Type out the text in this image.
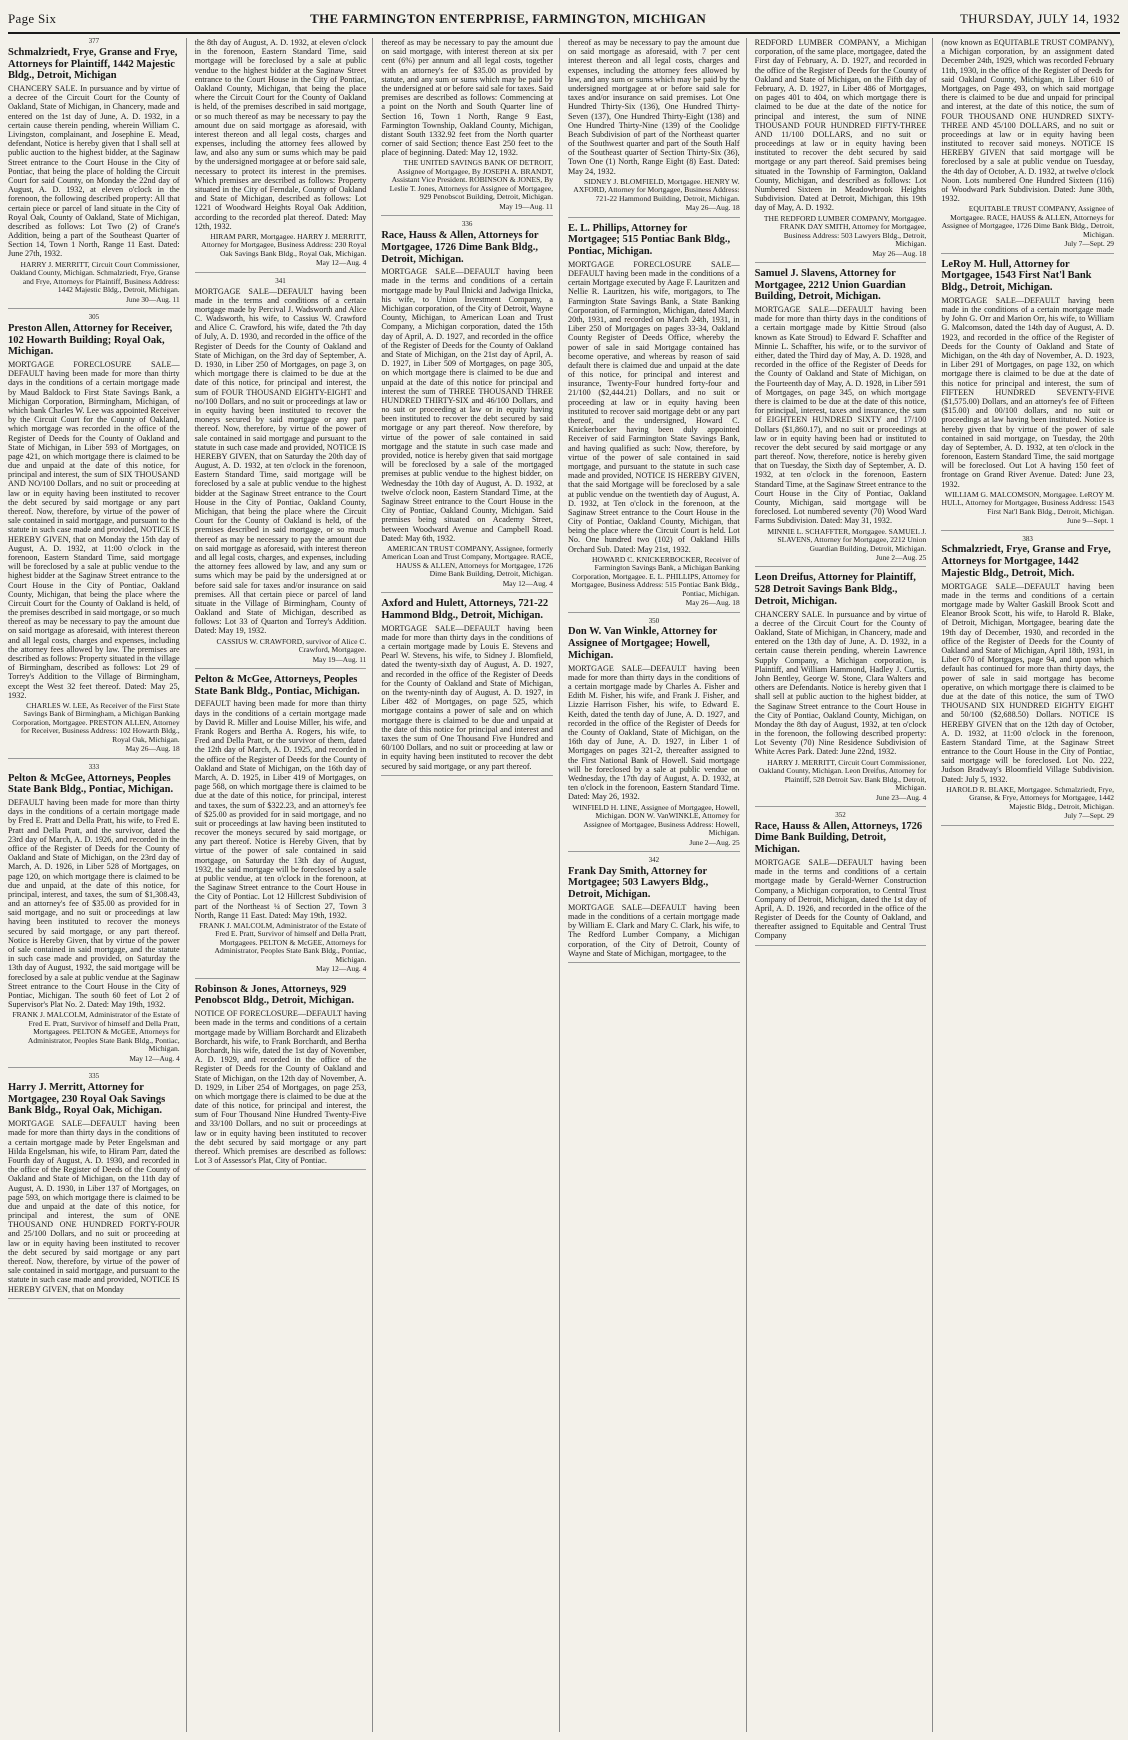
Page Six	THE FARMINGTON ENTERPRISE, FARMINGTON, MICHIGAN	THURSDAY, JULY 14, 1932
377
Schmalzriedt, Frye, Granse and Frye, Attorneys for Plaintiff, 1442 Majestic Bldg., Detroit, Michigan
CHANCERY SALE. In pursuance and by virtue of a decree of the Circuit Court for the County of Oakland, State of Michigan, in Chancery, made and entered on the 1st day of June, A. D. 1932, in a certain cause therein pending, wherein William C. Livingston, complainant, and Josephine E. Mead, defendant, Notice is hereby given that I shall sell at public auction to the highest bidder, at the Saginaw Street entrance to the Court House in the City of Pontiac, that being the place of holding the Circuit Court for said County, on Monday the 22nd day of August, A. D. 1932, at eleven o'clock in the forenoon, the following described property: All that certain piece or parcel of land situate in the City of Royal Oak, County of Oakland, State of Michigan, described as follows: Lot Two (2) of Crane's Addition, being a part of the Southeast Quarter of Section 14, Town 1 North, Range 11 East. Dated: June 27th, 1932.
HARRY J. MERRITT, Circuit Court Commissioner, Oakland County, Michigan. Schmalzriedt, Frye, Granse and Frye, Attorneys for Plaintiff, Business Address: 1442 Majestic Bldg., Detroit, Michigan.
June 30—Aug. 11
305
Preston Allen, Attorney for Receiver, 102 Howarth Building; Royal Oak, Michigan.
MORTGAGE FORECLOSURE SALE—DEFAULT having been made for more than thirty days in the conditions of a certain mortgage made by Maud Baldock to First State Savings Bank, a Michigan Corporation, Birmingham, Michigan, of which bank Charles W. Lee was appointed Receiver by the Circuit Court for the County of Oakland, which mortgage was recorded in the office of the Register of Deeds for the County of Oakland and State of Michigan, in Liber 593 of Mortgages, on page 421, on which mortgage there is claimed to be due and unpaid at the date of this notice, for principal and interest, the sum of SIX THOUSAND AND NO/100 Dollars, and no suit or proceeding at law or in equity having been instituted to recover the debt secured by said mortgage or any part thereof. Now, therefore, by virtue of the power of sale contained in said mortgage, and pursuant to the statute in such case made and provided, NOTICE IS HEREBY GIVEN, that on Monday the 15th day of August, A. D. 1932, at 11:00 o'clock in the forenoon, Eastern Standard Time, said mortgage will be foreclosed by a sale at public vendue to the highest bidder at the Saginaw Street entrance to the Court House in the City of Pontiac, Oakland County, Michigan, that being the place where the Circuit Court for the County of Oakland is held, of the premises described in said mortgage, or so much thereof as may be necessary to pay the amount due on said mortgage as aforesaid, with interest thereon and all legal costs, charges and expenses, including the attorney fees allowed by law. The premises are described as follows: Property situated in the village of Birmingham, described as follows: Lot 29 of Torrey's Addition to the Village of Birmingham, except the West 32 feet thereof. Dated: May 25, 1932.
CHARLES W. LEE, As Receiver of the First State Savings Bank of Birmingham, a Michigan Banking Corporation, Mortgagee. PRESTON ALLEN, Attorney for Receiver, Business Address: 102 Howarth Bldg., Royal Oak, Michigan.
May 26—Aug. 18
333
Pelton & McGee, Attorneys, Peoples State Bank Bldg., Pontiac, Michigan.
DEFAULT having been made for more than thirty days in the conditions of a certain mortgage made by Fred E. Pratt and Della Pratt, his wife, to Fred E. Pratt and Della Pratt, and the survivor, dated the 23rd day of March, A. D. 1926, and recorded in the office of the Register of Deeds for the County of Oakland and State of Michigan, on the 23rd day of March, A. D. 1926, in Liber 528 of Mortgages, on page 120, on which mortgage there is claimed to be due and unpaid, at the date of this notice, for principal, interest, and taxes, the sum of $1,308.43, and an attorney's fee of $35.00 as provided for in said mortgage, and no suit or proceedings at law having been instituted to recover the moneys secured by said mortgage, or any part thereof. Notice is Hereby Given, that by virtue of the power of sale contained in said mortgage, and the statute in such case made and provided, on Saturday the 13th day of August, 1932, the said mortgage will be foreclosed by a sale at public vendue at the Saginaw Street entrance to the Court House in the City of Pontiac, Michigan. The south 60 feet of Lot 2 of Supervisor's Plat No. 2. Dated: May 19th, 1932.
FRANK J. MALCOLM, Administrator of the Estate of Fred E. Pratt, Survivor of himself and Della Pratt, Mortgagees. PELTON & McGEE, Attorneys for Administrator, Peoples State Bank Bldg., Pontiac, Michigan.
May 12—Aug. 4
335
Harry J. Merritt, Attorney for Mortgagee, 230 Royal Oak Savings Bank Bldg., Royal Oak, Michigan.
MORTGAGE SALE—DEFAULT having been made for more than thirty days in the conditions of a certain mortgage made by Peter Engelsman and Hilda Engelsman, his wife, to Hiram Parr, dated the Fourth day of August, A. D. 1930, and recorded in the office of the Register of Deeds of the County of Oakland and State of Michigan, on the 11th day of August, A. D. 1930, in Liber 137 of Mortgages, on page 593, on which mortgage there is claimed to be due and unpaid at the date of this notice, for principal and interest, the sum of ONE THOUSAND ONE HUNDRED FORTY-FOUR and 25/100 Dollars, and no suit or proceeding at law or in equity having been instituted to recover the debt secured by said mortgage or any part thereof. Now, therefore, by virtue of the power of sale contained in said mortgage, and pursuant to the statute in such case made and provided, NOTICE IS HEREBY GIVEN, that on Monday
the 8th day of August, A. D. 1932, at eleven o'clock in the forenoon, Eastern Standard Time, said mortgage will be foreclosed by a sale at public vendue to the highest bidder at the Saginaw Street entrance to the Court House in the City of Pontiac, Oakland County, Michigan, that being the place where the Circuit Court for the County of Oakland is held, of the premises described in said mortgage, or so much thereof as may be necessary to pay the amount due on said mortgage as aforesaid, with interest thereon and all legal costs, charges and expenses, including the attorney fees allowed by law, and also any sum or sums which may be paid by the undersigned mortgagee at or before said sale, necessary to protect its interest in the premises. Which premises are described as follows: Property situated in the City of Ferndale, County of Oakland and State of Michigan, described as follows: Lot 1221 of Woodward Heights Royal Oak Addition, according to the recorded plat thereof. Dated: May 12th, 1932.
HIRAM PARR, Mortgagee. HARRY J. MERRITT, Attorney for Mortgagee, Business Address: 230 Royal Oak Savings Bank Bldg., Royal Oak, Michigan.
May 12—Aug. 4
341
MORTGAGE SALE—DEFAULT having been made in the terms and conditions of a certain mortgage made by Percival J. Wadsworth and Alice C. Wadsworth, his wife, to Cassius W. Crawford and Alice C. Crawford, his wife, dated the 7th day of July, A. D. 1930, and recorded in the office of the Register of Deeds for the County of Oakland and State of Michigan, on the 3rd day of September, A. D. 1930, in Liber 250 of Mortgages, on page 3, on which mortgage there is claimed to be due at the date of this notice, for principal and interest, the sum of FOUR THOUSAND EIGHTY-EIGHT and no/100 Dollars, and no suit or proceedings at law or in equity having been instituted to recover the moneys secured by said mortgage or any part thereof. Now, therefore, by virtue of the power of sale contained in said mortgage and pursuant to the statute in such case made and provided, NOTICE IS HEREBY GIVEN, that on Saturday the 20th day of August, A. D. 1932, at ten o'clock in the forenoon, Eastern Standard Time, said mortgage will be foreclosed by a sale at public vendue to the highest bidder at the Saginaw Street entrance to the Court House in the City of Pontiac, Oakland County, Michigan, that being the place where the Circuit Court for the County of Oakland is held, of the premises described in said mortgage, or so much thereof as may be necessary to pay the amount due on said mortgage as aforesaid, with interest thereon and all legal costs, charges, and expenses, including the attorney fees allowed by law, and any sum or sums which may be paid by the undersigned at or before said sale for taxes and/or insurance on said premises. All that certain piece or parcel of land situate in the Village of Birmingham, County of Oakland and State of Michigan, described as follows: Lot 33 of Quarton and Torrey's Addition. Dated: May 19, 1932.
CASSIUS W. CRAWFORD, survivor of Alice C. Crawford, Mortgagee.
May 19—Aug. 11
Pelton & McGee, Attorneys, Peoples State Bank Bldg., Pontiac, Michigan.
DEFAULT having been made for more than thirty days in the conditions of a certain mortgage made by David R. Miller and Louise Miller, his wife, and Frank Rogers and Bertha A. Rogers, his wife, to Fred and Della Pratt, or the survivor of them, dated the 12th day of March, A. D. 1925, and recorded in the office of the Register of Deeds for the County of Oakland and State of Michigan, on the 16th day of March, A. D. 1925, in Liber 419 of Mortgages, on page 568, on which mortgage there is claimed to be due at the date of this notice, for principal, interest and taxes, the sum of $322.23, and an attorney's fee of $25.00 as provided for in said mortgage, and no suit or proceedings at law having been instituted to recover the moneys secured by said mortgage, or any part thereof. Notice is Hereby Given, that by virtue of the power of sale contained in said mortgage, on Saturday the 13th day of August, 1932, the said mortgage will be foreclosed by a sale at public vendue, at ten o'clock in the forenoon, at the Saginaw Street entrance to the Court House in the City of Pontiac. Lot 12 Hillcrest Subdivision of part of the Northeast ¼ of Section 27, Town 3 North, Range 11 East. Dated: May 19th, 1932.
FRANK J. MALCOLM, Administrator of the Estate of Fred E. Pratt, Survivor of himself and Della Pratt, Mortgagees. PELTON & McGEE, Attorneys for Administrator, Peoples State Bank Bldg., Pontiac, Michigan.
May 12—Aug. 4
Robinson & Jones, Attorneys, 929 Penobscot Bldg., Detroit, Michigan.
NOTICE OF FORECLOSURE—DEFAULT having been made in the terms and conditions of a certain mortgage made by William Borchardt and Elizabeth Borchardt, his wife, to Frank Borchardt, and Bertha Borchardt, his wife, dated the 1st day of November, A. D. 1929, and recorded in the office of the Register of Deeds for the County of Oakland and State of Michigan, on the 12th day of November, A. D. 1929, in Liber 254 of Mortgages, on page 253, on which mortgage there is claimed to be due at the date of this notice, for principal and interest, the sum of Four Thousand Nine Hundred Twenty-Five and 33/100 Dollars, and no suit or proceedings at law or in equity having been instituted to recover the debt secured by said mortgage or any part thereof. Which premises are described as follows: Lot 3 of Assessor's Plat, City of Pontiac.
thereof as may be necessary to pay the amount due on said mortgage, with interest thereon at six per cent (6%) per annum and all legal costs, together with an attorney's fee of $35.00 as provided by statute, and any sum or sums which may be paid by the undersigned at or before said sale for taxes. Said premises are described as follows: Commencing at a point on the North and South Quarter line of Section 16, Town 1 North, Range 9 East, Farmington Township, Oakland County, Michigan, distant South 1332.92 feet from the North quarter corner of said Section; thence East 250 feet to the place of beginning. Dated: May 12, 1932.
THE UNITED SAVINGS BANK OF DETROIT, Assignee of Mortgagee, By JOSEPH A. BRANDT, Assistant Vice President. ROBINSON & JONES, By Leslie T. Jones, Attorneys for Assignee of Mortgagee, 929 Penobscot Building, Detroit, Michigan.
May 19—Aug. 11
336
Race, Hauss & Allen, Attorneys for Mortgagee, 1726 Dime Bank Bldg., Detroit, Michigan.
MORTGAGE SALE—DEFAULT having been made in the terms and conditions of a certain mortgage made by Paul Ilnicki and Jadwiga Ilnicka, his wife, to Union Investment Company, a Michigan corporation, of the City of Detroit, Wayne County, Michigan, to American Loan and Trust Company, a Michigan corporation, dated the 15th day of April, A. D. 1927, and recorded in the office of the Register of Deeds for the County of Oakland and State of Michigan, on the 21st day of April, A. D. 1927, in Liber 509 of Mortgages, on page 305, on which mortgage there is claimed to be due and unpaid at the date of this notice for principal and interest the sum of THREE THOUSAND THREE HUNDRED THIRTY-SIX and 46/100 Dollars, and no suit or proceeding at law or in equity having been instituted to recover the debt secured by said mortgage or any part thereof. Now therefore, by virtue of the power of sale contained in said mortgage and the statute in such case made and provided, notice is hereby given that said mortgage will be foreclosed by a sale of the mortgaged premises at public vendue to the highest bidder, on Wednesday the 10th day of August, A. D. 1932, at twelve o'clock noon, Eastern Standard Time, at the Saginaw Street entrance to the Court House in the City of Pontiac, Oakland County, Michigan. Said premises being situated on Academy Street, between Woodward Avenue and Campbell Road. Dated: May 6th, 1932.
AMERICAN TRUST COMPANY, Assignee, formerly American Loan and Trust Company, Mortgagee. RACE, HAUSS & ALLEN, Attorneys for Mortgagee, 1726 Dime Bank Building, Detroit, Michigan.
May 12—Aug. 4
Axford and Hulett, Attorneys, 721-22 Hammond Bldg., Detroit, Michigan.
MORTGAGE SALE—DEFAULT having been made for more than thirty days in the conditions of a certain mortgage made by Louis E. Stevens and Pearl W. Stevens, his wife, to Sidney J. Blomfield, dated the twenty-sixth day of August, A. D. 1927, and recorded in the office of the Register of Deeds for the County of Oakland and State of Michigan, on the twenty-ninth day of August, A. D. 1927, in Liber 482 of Mortgages, on page 525, which mortgage contains a power of sale and on which mortgage there is claimed to be due and unpaid at the date of this notice for principal and interest and taxes the sum of One Thousand Five Hundred and 60/100 Dollars, and no suit or proceeding at law or in equity having been instituted to recover the debt secured by said mortgage, or any part thereof.
thereof as may be necessary to pay the amount due on said mortgage as aforesaid, with 7 per cent interest thereon and all legal costs, charges and expenses, including the attorney fees allowed by law, and any sum or sums which may be paid by the undersigned mortgagee at or before said sale for taxes and/or insurance on said premises. Lot One Hundred Thirty-Six (136), One Hundred Thirty-Seven (137), One Hundred Thirty-Eight (138) and One Hundred Thirty-Nine (139) of the Coolidge Beach Subdivision of part of the Northeast quarter of the Southwest quarter and part of the South Half of the Southeast quarter of Section Thirty-Six (36), Town One (1) North, Range Eight (8) East. Dated: May 24, 1932.
SIDNEY J. BLOMFIELD, Mortgagee. HENRY W. AXFORD, Attorney for Mortgagee, Business Address: 721-22 Hammond Building, Detroit, Michigan.
May 26—Aug. 18
E. L. Phillips, Attorney for Mortgagee; 515 Pontiac Bank Bldg., Pontiac, Michigan.
MORTGAGE FORECLOSURE SALE—DEFAULT having been made in the conditions of a certain Mortgage executed by Aage F. Lauritzen and Nellie R. Lauritzen, his wife, mortgagors, to The Farmington State Savings Bank, a State Banking Corporation, of Farmington, Michigan, dated March 20th, 1931, and recorded on March 24th, 1931, in Liber 250 of Mortgages on pages 33-34, Oakland County Register of Deeds Office, whereby the power of sale in said Mortgage contained has become operative, and whereas by reason of said default there is claimed due and unpaid at the date of this notice, for principal and interest and insurance, Twenty-Four hundred forty-four and 21/100 ($2,444.21) Dollars, and no suit or proceeding at law or in equity having been instituted to recover said mortgage debt or any part thereof, and the undersigned, Howard C. Knickerbocker having been duly appointed Receiver of said Farmington State Savings Bank, and having qualified as such: Now, therefore, by virtue of the power of sale contained in said mortgage, and pursuant to the statute in such case made and provided, NOTICE IS HEREBY GIVEN, that the said Mortgage will be foreclosed by a sale at public vendue on the twentieth day of August, A. D. 1932, at Ten o'clock in the forenoon, at the Saginaw Street entrance to the Court House in the City of Pontiac, Oakland County, Michigan, that being the place where the Circuit Court is held. Lot No. One hundred two (102) of Oakland Hills Orchard Sub. Dated: May 21st, 1932.
HOWARD C. KNICKERBOCKER, Receiver of Farmington Savings Bank, a Michigan Banking Corporation, Mortgagee. E. L. PHILLIPS, Attorney for Mortgagee, Business Address: 515 Pontiac Bank Bldg., Pontiac, Michigan.
May 26—Aug. 18
350
Don W. Van Winkle, Attorney for Assignee of Mortgagee; Howell, Michigan.
MORTGAGE SALE—DEFAULT having been made for more than thirty days in the conditions of a certain mortgage made by Charles A. Fisher and Edith M. Fisher, his wife, and Frank J. Fisher, and Lizzie Harrison Fisher, his wife, to Edward E. Keith, dated the tenth day of June, A. D. 1927, and recorded in the office of the Register of Deeds for the County of Oakland, State of Michigan, on the 16th day of June, A. D. 1927, in Liber 1 of Mortgages on pages 321-2, thereafter assigned to the First National Bank of Howell. Said mortgage will be foreclosed by a sale at public vendue on Wednesday, the 17th day of August, A. D. 1932, at ten o'clock in the forenoon, Eastern Standard Time. Dated: May 26, 1932.
WINFIELD H. LINE, Assignee of Mortgagee, Howell, Michigan. DON W. VanWINKLE, Attorney for Assignee of Mortgagee, Business Address: Howell, Michigan.
June 2—Aug. 25
342
Frank Day Smith, Attorney for Mortgagee; 503 Lawyers Bldg., Detroit, Michigan.
MORTGAGE SALE—DEFAULT having been made in the conditions of a certain mortgage made by William E. Clark and Mary C. Clark, his wife, to The Redford Lumber Company, a Michigan corporation, of the City of Detroit, County of Wayne and State of Michigan, mortgagee, to the
REDFORD LUMBER COMPANY, a Michigan corporation, of the same place, mortgagee, dated the First day of February, A. D. 1927, and recorded in the office of the Register of Deeds for the County of Oakland and State of Michigan, on the Fifth day of February, A. D. 1927, in Liber 486 of Mortgages, on pages 401 to 404, on which mortgage there is claimed to be due at the date of the notice for principal and interest, the sum of NINE THOUSAND FOUR HUNDRED FIFTY-THREE AND 11/100 DOLLARS, and no suit or proceedings at law or in equity having been instituted to recover the debt secured by said mortgage or any part thereof. Said premises being situated in the Township of Farmington, Oakland County, Michigan, and described as follows: Lot Numbered Sixteen in Meadowbrook Heights Subdivision. Dated at Detroit, Michigan, this 19th day of May, A. D. 1932.
THE REDFORD LUMBER COMPANY, Mortgagee. FRANK DAY SMITH, Attorney for Mortgagee, Business Address: 503 Lawyers Bldg., Detroit, Michigan.
May 26—Aug. 18
Samuel J. Slavens, Attorney for Mortgagee, 2212 Union Guardian Building, Detroit, Michigan.
MORTGAGE SALE—DEFAULT having been made for more than thirty days in the conditions of a certain mortgage made by Kittie Stroud (also known as Kate Stroud) to Edward F. Schaffter and Minnie L. Schaffter, his wife, or to the survivor of either, dated the Third day of May, A. D. 1928, and recorded in the office of the Register of Deeds for the County of Oakland and State of Michigan, on the Fourteenth day of May, A. D. 1928, in Liber 591 of Mortgages, on page 345, on which mortgage there is claimed to be due at the date of this notice, for principal, interest, taxes and insurance, the sum of EIGHTEEN HUNDRED SIXTY and 17/100 Dollars ($1,860.17), and no suit or proceedings at law or in equity having been had or instituted to recover the debt secured by said mortgage or any part thereof. Now, therefore, notice is hereby given that on Tuesday, the Sixth day of September, A. D. 1932, at ten o'clock in the forenoon, Eastern Standard Time, at the Saginaw Street entrance to the Court House in the City of Pontiac, Oakland County, Michigan, said mortgage will be foreclosed. Lot numbered seventy (70) Wood Ward Farms Subdivision. Dated: May 31, 1932.
MINNIE L. SCHAFFTER, Mortgagee. SAMUEL J. SLAVENS, Attorney for Mortgagee, 2212 Union Guardian Building, Detroit, Michigan.
June 2—Aug. 25
Leon Dreifus, Attorney for Plaintiff, 528 Detroit Savings Bank Bldg., Detroit, Michigan.
CHANCERY SALE. In pursuance and by virtue of a decree of the Circuit Court for the County of Oakland, State of Michigan, in Chancery, made and entered on the 13th day of June, A. D. 1932, in a certain cause therein pending, wherein Lawrence Supply Company, a Michigan corporation, is Plaintiff, and William Hammond, Hadley J. Curtis, John Bentley, George W. Stone, Clara Walters and others are Defendants. Notice is hereby given that I shall sell at public auction to the highest bidder, at the Saginaw Street entrance to the Court House in the City of Pontiac, Oakland County, Michigan, on Monday the 8th day of August, 1932, at ten o'clock in the forenoon, the following described property: Lot Seventy (70) Nine Residence Subdivision of White Acres Park. Dated: June 22nd, 1932.
HARRY J. MERRITT, Circuit Court Commissioner, Oakland County, Michigan. Leon Dreifus, Attorney for Plaintiff, 528 Detroit Sav. Bank Bldg., Detroit, Michigan.
June 23—Aug. 4
352
Race, Hauss & Allen, Attorneys, 1726 Dime Bank Building, Detroit, Michigan.
MORTGAGE SALE—DEFAULT having been made in the terms and conditions of a certain mortgage made by Gerald-Werner Construction Company, a Michigan corporation, to Central Trust Company of Detroit, Michigan, dated the 1st day of April, A. D. 1926, and recorded in the office of the Register of Deeds for the County of Oakland, and thereafter assigned to Equitable and Central Trust Company
(now known as EQUITABLE TRUST COMPANY), a Michigan corporation, by an assignment dated December 24th, 1929, which was recorded February 11th, 1930, in the office of the Register of Deeds for said Oakland County, Michigan, in Liber 610 of Mortgages, on Page 493, on which said mortgage there is claimed to be due and unpaid for principal and interest, at the date of this notice, the sum of FOUR THOUSAND ONE HUNDRED SIXTY-THREE AND 45/100 DOLLARS, and no suit or proceedings at law or in equity having been instituted to recover said moneys. NOTICE IS HEREBY GIVEN that said mortgage will be foreclosed by a sale at public vendue on Tuesday, the 4th day of October, A. D. 1932, at twelve o'clock Noon. Lots numbered One Hundred Sixteen (116) of Woodward Park Subdivision. Dated: June 30th, 1932.
EQUITABLE TRUST COMPANY, Assignee of Mortgagee. RACE, HAUSS & ALLEN, Attorneys for Assignee of Mortgagee, 1726 Dime Bank Bldg., Detroit, Michigan.
July 7—Sept. 29
LeRoy M. Hull, Attorney for Mortgagee, 1543 First Nat'l Bank Bldg., Detroit, Michigan.
MORTGAGE SALE—DEFAULT having been made in the conditions of a certain mortgage made by John G. Orr and Marion Orr, his wife, to William G. Malcomson, dated the 14th day of August, A. D. 1923, and recorded in the office of the Register of Deeds for the County of Oakland and State of Michigan, on the 4th day of November, A. D. 1923, in Liber 291 of Mortgages, on page 132, on which mortgage there is claimed to be due at the date of this notice for principal and interest, the sum of FIFTEEN HUNDRED SEVENTY-FIVE ($1,575.00) Dollars, and an attorney's fee of Fifteen ($15.00) and 00/100 dollars, and no suit or proceedings at law having been instituted. Notice is hereby given that by virtue of the power of sale contained in said mortgage, on Tuesday, the 20th day of September, A. D. 1932, at ten o'clock in the forenoon, Eastern Standard Time, the said mortgage will be foreclosed. Out Lot A having 150 feet of frontage on Grand River Avenue. Dated: June 23, 1932.
WILLIAM G. MALCOMSON, Mortgagee. LeROY M. HULL, Attorney for Mortgagee, Business Address: 1543 First Nat'l Bank Bldg., Detroit, Michigan.
June 9—Sept. 1
383
Schmalzriedt, Frye, Granse and Frye, Attorneys for Mortgagee, 1442 Majestic Bldg., Detroit, Mich.
MORTGAGE SALE—DEFAULT having been made in the terms and conditions of a certain mortgage made by Walter Gaskill Brook Scott and Eleanor Brook Scott, his wife, to Harold R. Blake, of Detroit, Michigan, Mortgagee, bearing date the 19th day of December, 1930, and recorded in the office of the Register of Deeds for the County of Oakland and State of Michigan, April 18th, 1931, in Liber 670 of Mortgages, page 94, and upon which default has continued for more than thirty days, the power of sale in said mortgage has become operative, on which mortgage there is claimed to be due at the date of this notice, the sum of TWO THOUSAND SIX HUNDRED EIGHTY EIGHT and 50/100 ($2,688.50) Dollars. NOTICE IS HEREBY GIVEN that on the 12th day of October, A. D. 1932, at 11:00 o'clock in the forenoon, Eastern Standard Time, at the Saginaw Street entrance to the Court House in the City of Pontiac, said mortgage will be foreclosed. Lot No. 222, Judson Bradway's Bloomfield Village Subdivision. Dated: July 5, 1932.
HAROLD R. BLAKE, Mortgagee. Schmalzriedt, Frye, Granse, & Frye, Attorneys for Mortgagee, 1442 Majestic Bldg., Detroit, Michigan.
July 7—Sept. 29
